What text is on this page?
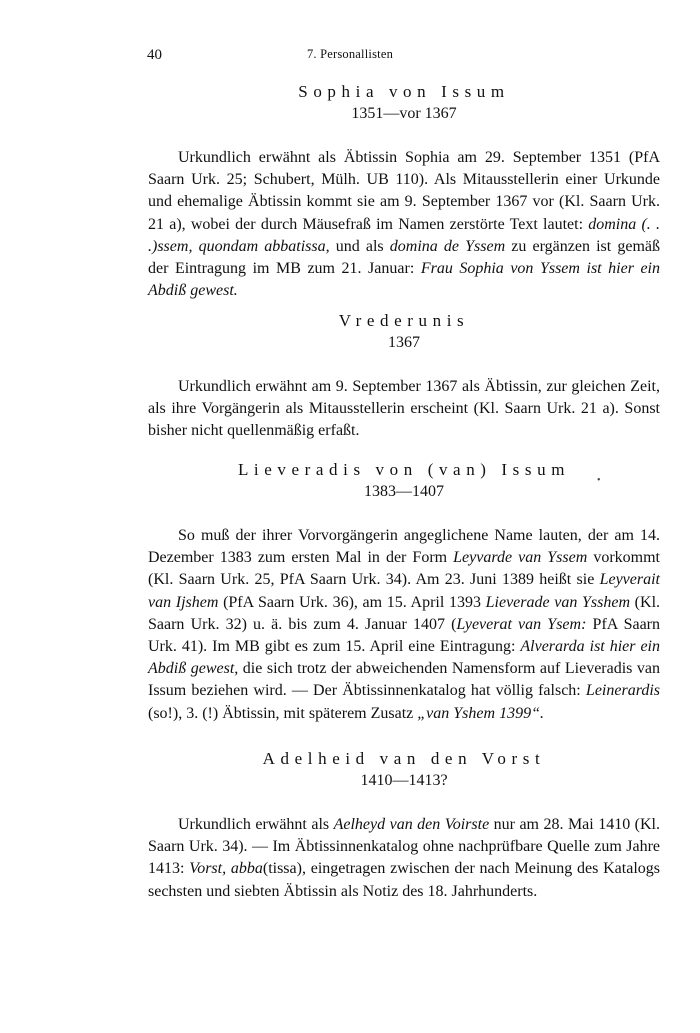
40	7. Personallisten
Sophia von Issum
1351—vor 1367

Urkundlich erwähnt als Äbtissin Sophia am 29. September 1351 (PfA Saarn Urk. 25; Schubert, Mülh. UB 110). Als Mitausstellerin einer Urkunde und ehemalige Äbtissin kommt sie am 9. September 1367 vor (Kl. Saarn Urk. 21 a), wobei der durch Mäusefraß im Namen zerstörte Text lautet: domina (. . .)ssem, quondam abbatissa, und als domina de Yssem zu ergänzen ist gemäß der Eintragung im MB zum 21. Januar: Frau Sophia von Yssem ist hier ein Abdiß gewest.

Vrederunis
1367

Urkundlich erwähnt am 9. September 1367 als Äbtissin, zur gleichen Zeit, als ihre Vorgängerin als Mitausstellerin erscheint (Kl. Saarn Urk. 21 a). Sonst bisher nicht quellenmäßig erfaßt.

Lieveradis von (van) Issum
1383—1407

So muß der ihrer Vorvorgängerin angeglichene Name lauten, der am 14. Dezember 1383 zum ersten Mal in der Form Leyvarde van Yssem vorkommt (Kl. Saarn Urk. 25, PfA Saarn Urk. 34). Am 23. Juni 1389 heißt sie Leyverait van Ijshem (PfA Saarn Urk. 36), am 15. April 1393 Lieverade van Ysshem (Kl. Saarn Urk. 32) u. ä. bis zum 4. Januar 1407 (Lyeverat van Ysem: PfA Saarn Urk. 41). Im MB gibt es zum 15. April eine Eintragung: Alverarda ist hier ein Abdiß gewest, die sich trotz der abweichenden Namensform auf Lieveradis van Issum beziehen wird. — Der Äbtissinnenkatalog hat völlig falsch: Leinerardis (so!), 3. (!) Äbtissin, mit späterem Zusatz „van Yshem 1399“.

Adelheid van den Vorst
1410—1413?

Urkundlich erwähnt als Aelheyd van den Voirste nur am 28. Mai 1410 (Kl. Saarn Urk. 34). — Im Äbtissinnenkatalog ohne nachprüfbare Quelle zum Jahre 1413: Vorst, abba(tissa), eingetragen zwischen der nach Meinung des Katalogs sechsten und siebten Äbtissin als Notiz des 18. Jahrhunderts.

•
